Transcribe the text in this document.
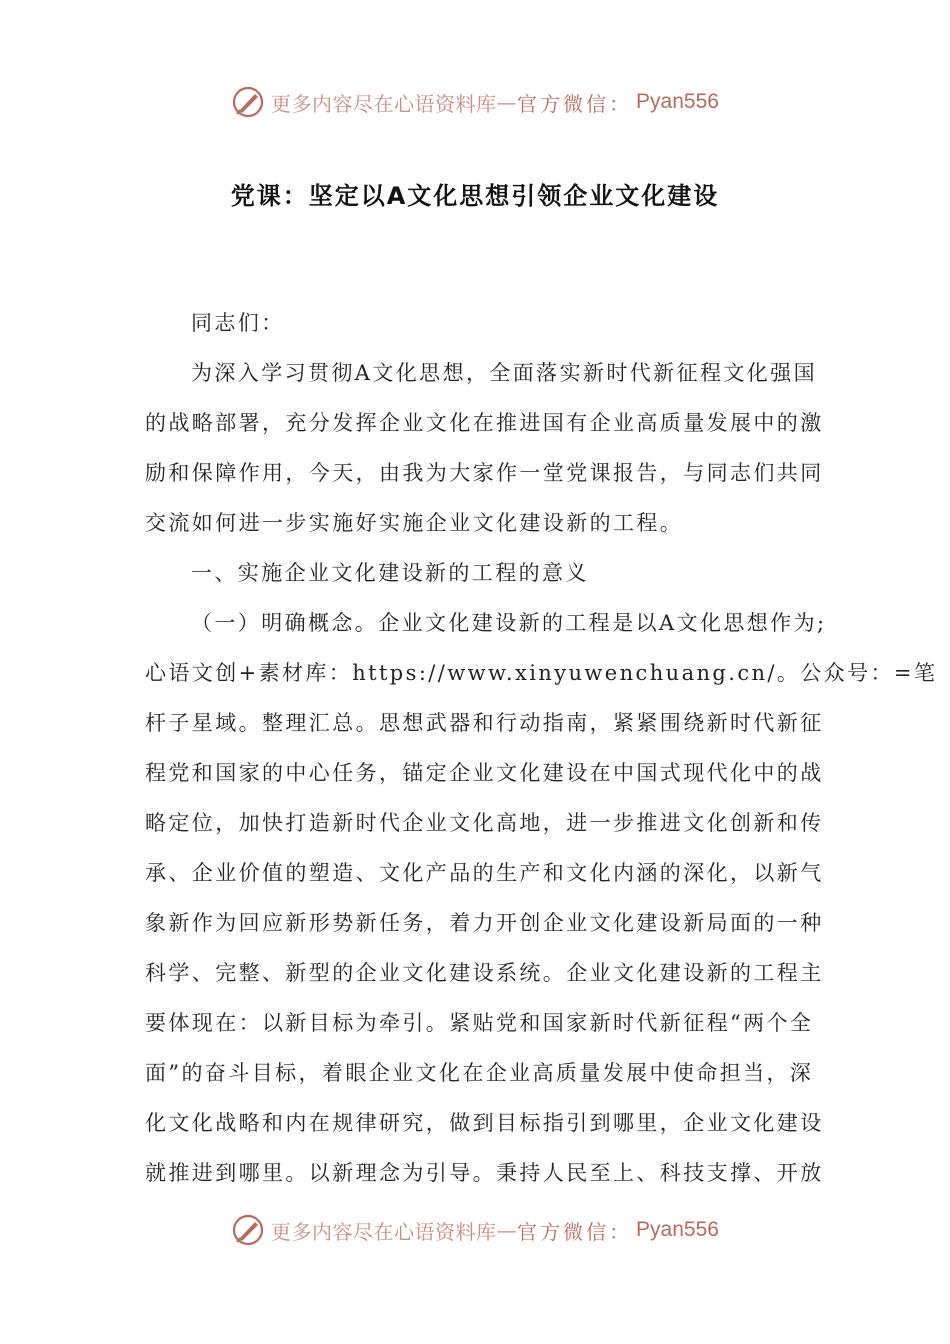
更多内容尽在心语资料库 — 官方微信： Pyan556
党课：坚定以A文化思想引领企业文化建设
同志们：
为深入学习贯彻A文化思想，全面落实新时代新征程文化强国
的战略部署，充分发挥企业文化在推进国有企业高质量发展中的激
励和保障作用，今天，由我为大家作一堂党课报告，与同志们共同
交流如何进一步实施好实施企业文化建设新的工程。
一、实施企业文化建设新的工程的意义
（一）明确概念。企业文化建设新的工程是以A文化思想作为;
心语文创+素材库：https://www.xinyuwenchuang.cn/。公众号：=笔
杆子星域。整理汇总。思想武器和行动指南，紧紧围绕新时代新征
程党和国家的中心任务，锚定企业文化建设在中国式现代化中的战
略定位，加快打造新时代企业文化高地，进一步推进文化创新和传
承、企业价值的塑造、文化产品的生产和文化内涵的深化，以新气
象新作为回应新形势新任务，着力开创企业文化建设新局面的一种
科学、完整、新型的企业文化建设系统。企业文化建设新的工程主
要体现在：以新目标为牵引。紧贴党和国家新时代新征程“两个全
面”的奋斗目标，着眼企业文化在企业高质量发展中使命担当，深
化文化战略和内在规律研究，做到目标指引到哪里，企业文化建设
就推进到哪里。以新理念为引导。秉持人民至上、科技支撑、开放
更多内容尽在心语资料库 — 官方微信： Pyan556
